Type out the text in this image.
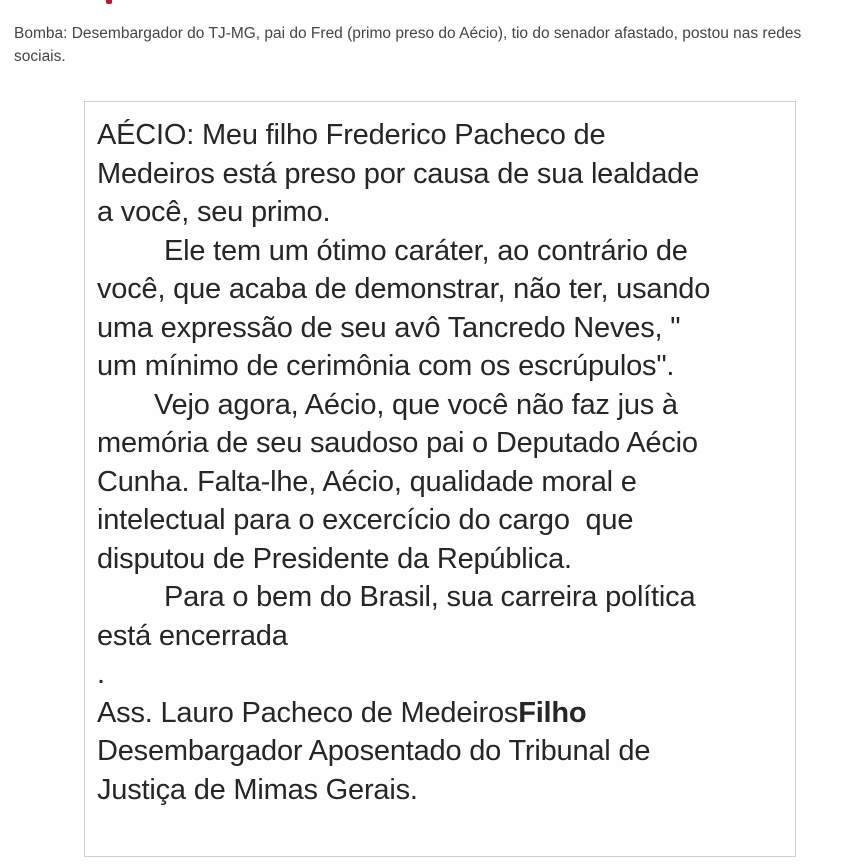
Bomba: Desembargador do TJ-MG, pai do Fred (primo preso do Aécio), tio do senador afastado, postou nas redes sociais.
AÉCIO: Meu filho Frederico Pacheco de
Medeiros está preso por causa de sua lealdade
a você, seu primo.
Ele tem um ótimo caráter, ao contrário de
você, que acaba de demonstrar, não ter, usando
uma expressão de seu avô Tancredo Neves, "
um mínimo de cerimônia com os escrúpulos".
Vejo agora, Aécio, que você não faz jus à
memória de seu saudoso pai o Deputado Aécio
Cunha. Falta-lhe, Aécio, qualidade moral e
intelectual para o excercício do cargo  que
disputou de Presidente da República.
Para o bem do Brasil, sua carreira política
está encerrada
.
Ass. Lauro Pacheco de MedeirosFilho
Desembargador Aposentado do Tribunal de
Justiça de Mimas Gerais.
